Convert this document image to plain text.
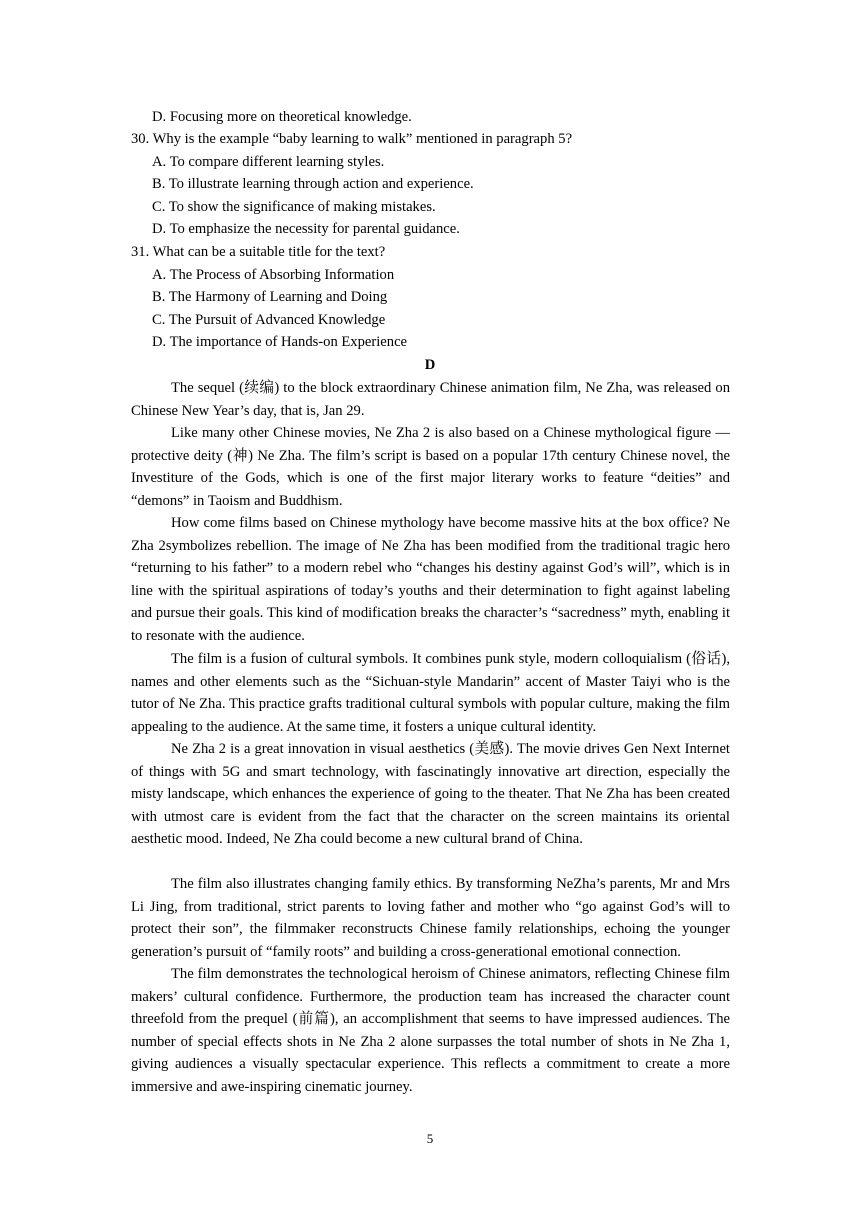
D. Focusing more on theoretical knowledge.
30. Why is the example “baby learning to walk” mentioned in paragraph 5?
A. To compare different learning styles.
B. To illustrate learning through action and experience.
C. To show the significance of making mistakes.
D. To emphasize the necessity for parental guidance.
31. What can be a suitable title for the text?
A. The Process of Absorbing Information
B. The Harmony of Learning and Doing
C. The Pursuit of Advanced Knowledge
D. The importance of Hands-on Experience
D

The sequel (续编) to the block extraordinary Chinese animation film, Ne Zha, was released on Chinese New Year’s day, that is, Jan 29.

Like many other Chinese movies, Ne Zha 2 is also based on a Chinese mythological figure — protective deity (神) Ne Zha. The film’s script is based on a popular 17th century Chinese novel, the Investiture of the Gods, which is one of the first major literary works to feature “deities” and “demons” in Taoism and Buddhism.

How come films based on Chinese mythology have become massive hits at the box office? Ne Zha 2symbolizes rebellion. The image of Ne Zha has been modified from the traditional tragic hero “returning to his father” to a modern rebel who “changes his destiny against God’s will”, which is in line with the spiritual aspirations of today’s youths and their determination to fight against labeling and pursue their goals. This kind of modification breaks the character’s “sacredness” myth, enabling it to resonate with the audience.

The film is a fusion of cultural symbols. It combines punk style, modern colloquialism (俗话), names and other elements such as the “Sichuan-style Mandarin” accent of Master Taiyi who is the tutor of Ne Zha. This practice grafts traditional cultural symbols with popular culture, making the film appealing to the audience. At the same time, it fosters a unique cultural identity.

Ne Zha 2 is a great innovation in visual aesthetics (美感). The movie drives Gen Next Internet of things with 5G and smart technology, with fascinatingly innovative art direction, especially the misty landscape, which enhances the experience of going to the theater. That Ne Zha has been created with utmost care is evident from the fact that the character on the screen maintains its oriental aesthetic mood. Indeed, Ne Zha could become a new cultural brand of China.

The film also illustrates changing family ethics. By transforming NeZha’s parents, Mr and Mrs Li Jing, from traditional, strict parents to loving father and mother who “go against God’s will to protect their son”, the filmmaker reconstructs Chinese family relationships, echoing the younger generation’s pursuit of “family roots” and building a cross-generational emotional connection.

The film demonstrates the technological heroism of Chinese animators, reflecting Chinese film makers’ cultural confidence. Furthermore, the production team has increased the character count threefold from the prequel (前篇), an accomplishment that seems to have impressed audiences. The number of special effects shots in Ne Zha 2 alone surpasses the total number of shots in Ne Zha 1, giving audiences a visually spectacular experience. This reflects a commitment to create a more immersive and awe-inspiring cinematic journey.

5
